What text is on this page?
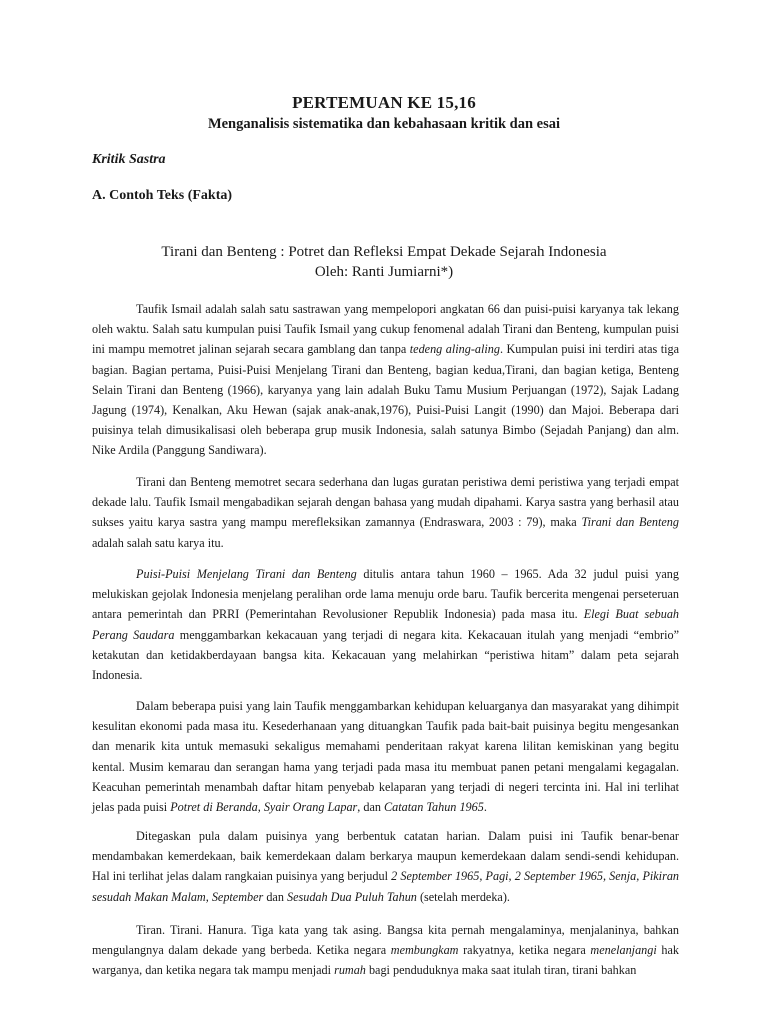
PERTEMUAN KE 15,16
Menganalisis sistematika dan kebahasaan kritik dan esai
Kritik Sastra
A. Contoh Teks (Fakta)
Tirani dan Benteng : Potret dan Refleksi Empat Dekade Sejarah Indonesia
Oleh: Ranti Jumiarni*)

Taufik Ismail adalah salah satu sastrawan yang mempelopori angkatan 66 dan puisi-puisi karyanya tak lekang oleh waktu. Salah satu kumpulan puisi Taufik Ismail yang cukup fenomenal adalah Tirani dan Benteng, kumpulan puisi ini mampu memotret jalinan sejarah secara gamblang dan tanpa tedeng aling-aling. Kumpulan puisi ini terdiri atas tiga bagian. Bagian pertama, Puisi-Puisi Menjelang Tirani dan Benteng, bagian kedua,Tirani, dan bagian ketiga, Benteng Selain Tirani dan Benteng (1966), karyanya yang lain adalah Buku Tamu Musium Perjuangan (1972), Sajak Ladang Jagung (1974), Kenalkan, Aku Hewan (sajak anak-anak,1976), Puisi-Puisi Langit (1990) dan Majoi. Beberapa dari puisinya telah dimusikalisasi oleh beberapa grup musik Indonesia, salah satunya Bimbo (Sejadah Panjang) dan alm. Nike Ardila (Panggung Sandiwara).

Tirani dan Benteng memotret secara sederhana dan lugas guratan peristiwa demi peristiwa yang terjadi empat dekade lalu. Taufik Ismail mengabadikan sejarah dengan bahasa yang mudah dipahami. Karya sastra yang berhasil atau sukses yaitu karya sastra yang mampu merefleksikan zamannya (Endraswara, 2003 : 79), maka Tirani dan Benteng adalah salah satu karya itu.

Puisi-Puisi Menjelang Tirani dan Benteng ditulis antara tahun 1960 – 1965. Ada 32 judul puisi yang melukiskan gejolak Indonesia menjelang peralihan orde lama menuju orde baru. Taufik bercerita mengenai perseteruan antara pemerintah dan PRRI (Pemerintahan Revolusioner Republik Indonesia) pada masa itu. Elegi Buat sebuah Perang Saudara menggambarkan kekacauan yang terjadi di negara kita. Kekacauan itulah yang menjadi “embrio” ketakutan dan ketidakberdayaan bangsa kita. Kekacauan yang melahirkan “peristiwa hitam” dalam peta sejarah Indonesia.

Dalam beberapa puisi yang lain Taufik menggambarkan kehidupan keluarganya dan masyarakat yang dihimpit kesulitan ekonomi pada masa itu. Kesederhanaan yang dituangkan Taufik pada bait-bait puisinya begitu mengesankan dan menarik kita untuk memasuki sekaligus memahami penderitaan rakyat karena lilitan kemiskinan yang begitu kental. Musim kemarau dan serangan hama yang terjadi pada masa itu membuat panen petani mengalami kegagalan. Keacuhan pemerintah menambah daftar hitam penyebab kelaparan yang terjadi di negeri tercinta ini. Hal ini terlihat jelas pada puisi Potret di Beranda, Syair Orang Lapar, dan Catatan Tahun 1965.

Ditegaskan pula dalam puisinya yang berbentuk catatan harian. Dalam puisi ini Taufik benar-benar mendambakan kemerdekaan, baik kemerdekaan dalam berkarya maupun kemerdekaan dalam sendi-sendi kehidupan. Hal ini terlihat jelas dalam rangkaian puisinya yang berjudul 2 September 1965, Pagi, 2 September 1965, Senja, Pikiran sesudah Makan Malam, September dan Sesudah Dua Puluh Tahun (setelah merdeka).

Tiran. Tirani. Hanura. Tiga kata yang tak asing. Bangsa kita pernah mengalaminya, menjalaninya, bahkan mengulangnya dalam dekade yang berbeda. Ketika negara membungkam rakyatnya, ketika negara menelanjangi hak warganya, dan ketika negara tak mampu menjadi rumah bagi penduduknya maka saat itulah tiran, tirani bahkan
